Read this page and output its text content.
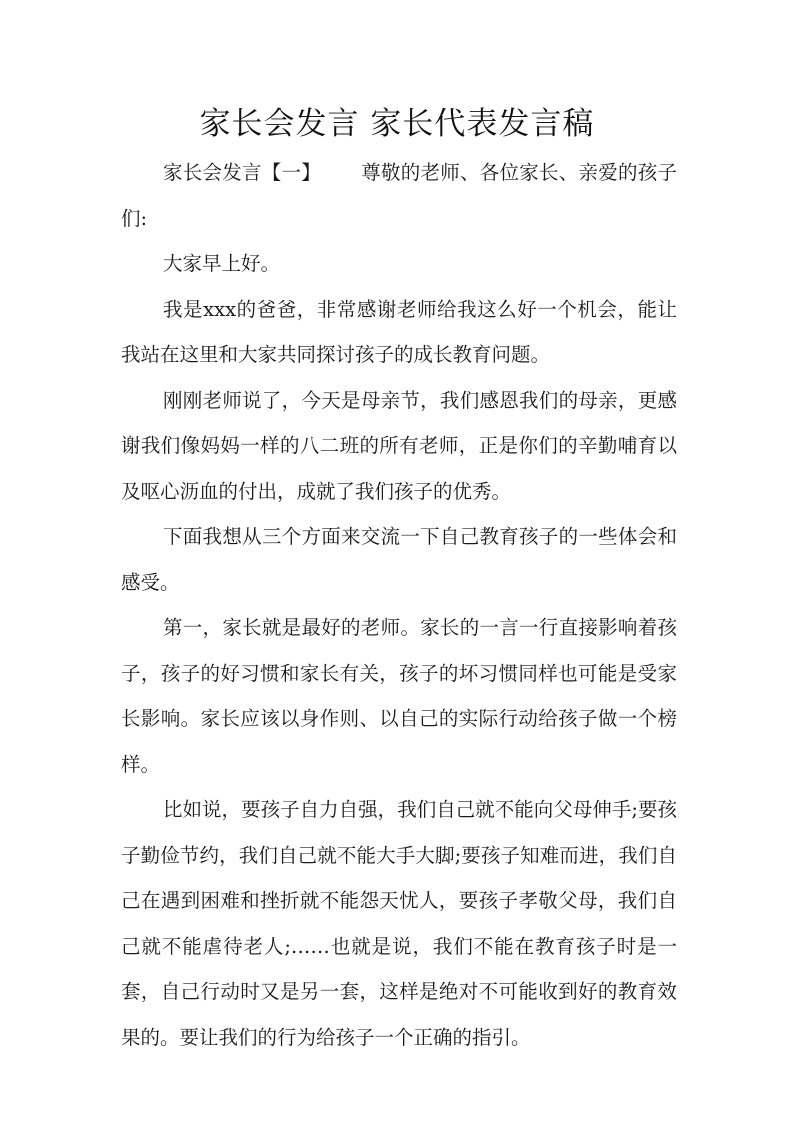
家长会发言 家长代表发言稿

家长会发言【一】 尊敬的老师、各位家长、亲爱的孩子们:

大家早上好。

我是xxx的爸爸，非常感谢老师给我这么好一个机会，能让我站在这里和大家共同探讨孩子的成长教育问题。

刚刚老师说了，今天是母亲节，我们感恩我们的母亲，更感谢我们像妈妈一样的八二班的所有老师，正是你们的辛勤哺育以及呕心沥血的付出，成就了我们孩子的优秀。

下面我想从三个方面来交流一下自己教育孩子的一些体会和感受。

第一，家长就是最好的老师。家长的一言一行直接影响着孩子，孩子的好习惯和家长有关，孩子的坏习惯同样也可能是受家长影响。家长应该以身作则、以自己的实际行动给孩子做一个榜样。

比如说，要孩子自力自强，我们自己就不能向父母伸手;要孩子勤俭节约，我们自己就不能大手大脚;要孩子知难而进，我们自己在遇到困难和挫折就不能怨天忧人，要孩子孝敬父母，我们自己就不能虐待老人;……也就是说，我们不能在教育孩子时是一套，自己行动时又是另一套，这样是绝对不可能收到好的教育效果的。要让我们的行为给孩子一个正确的指引。
